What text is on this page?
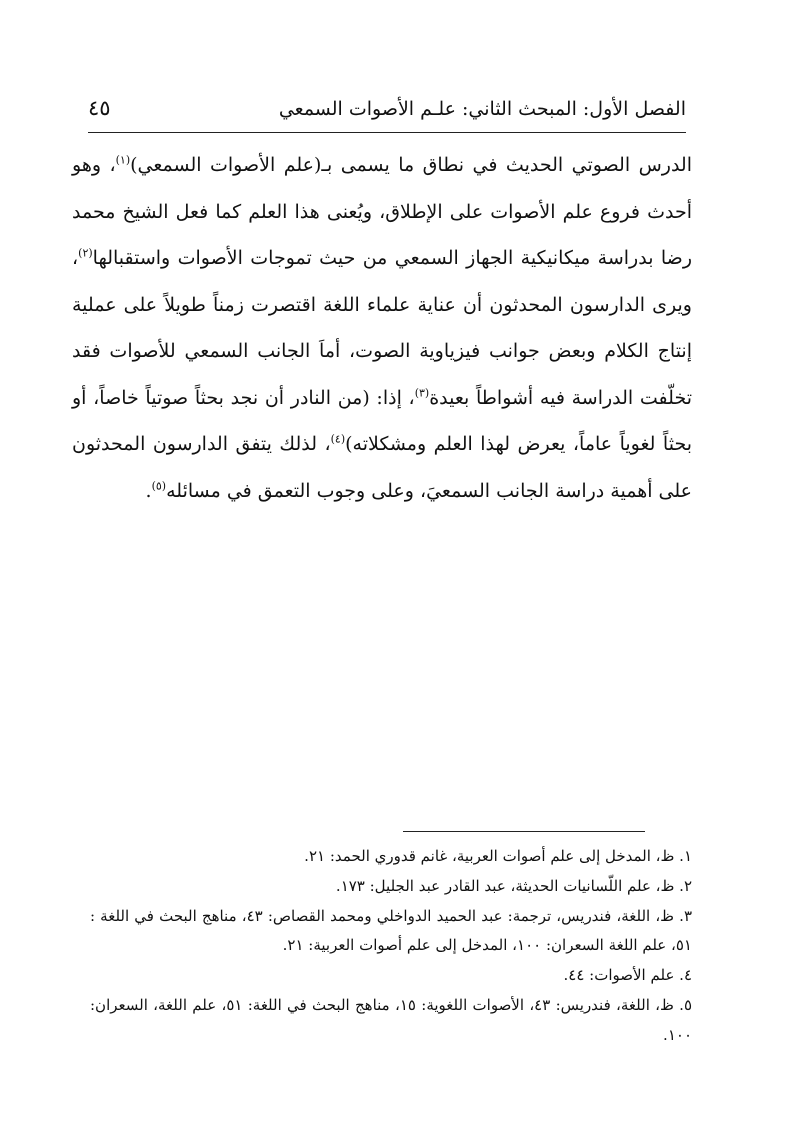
الفصل الأول: المبحث الثاني: علـم الأصوات السمعي
٤٥

الدرس الصوتي الحديث في نطاق ما يسمى بـ(علم الأصوات السمعي)$^{(١)}$، وهو أحدث فروع علم الأصوات على الإطلاق، ويُعنى هذا العلم كما فعل الشيخ محمد رضا بدراسة ميكانيكية الجهاز السمعي من حيث تموجات الأصوات واستقبالها$^{(٢)}$، ويرى الدارسون المحدثون أن عناية علماء اللغة اقتصرت زمناً طويلاً على عملية إنتاج الكلام وبعض جوانب فيزياوية الصوت، أماَ الجانب السمعي للأصوات فقد تخلّفت الدراسة فيه أشواطاً بعيدة$^{(٣)}$، إذا: (من النادر أن نجد بحثاً صوتياً خاصاً، أو بحثاً لغوياً عاماً، يعرض لهذا العلم ومشكلاته)$^{(٤)}$، لذلك يتفق الدارسون المحدثون على أهمية دراسة الجانب السمعيَ، وعلى وجوب التعمق في مسائله$^{(٥)}$.

١. ظ، المدخل إلى علم أصوات العربية، غانم قدوري الحمد: ٢١.
٢. ظ، علم اللّسانيات الحديثة، عبد القادر عبد الجليل: ١٧٣.
٣. ظ، اللغة، فندريس، ترجمة: عبد الحميد الدواخلي ومحمد القصاص: ٤٣، مناهج البحث في اللغة : ٥١، علم اللغة السعران: ١٠٠، المدخل إلى علم أصوات العربية: ٢١.
٤. علم الأصوات: ٤٤.
٥. ظ، اللغة، فندريس: ٤٣، الأصوات اللغوية: ١٥، مناهج البحث في اللغة: ٥١، علم اللغة، السعران: ١٠٠.
